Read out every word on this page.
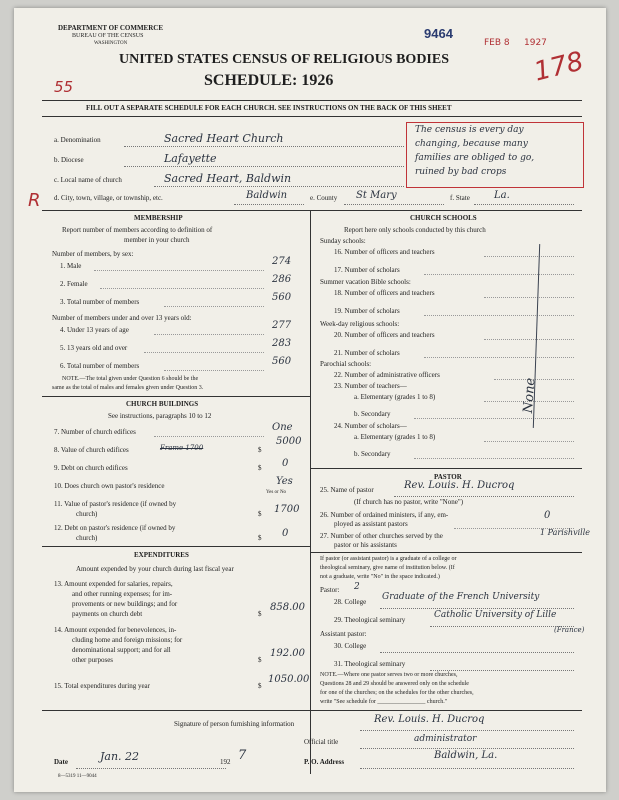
DEPARTMENT OF COMMERCE
BUREAU OF THE CENSUS
WASHINGTON
9464
FEB 8 1927
178
55
R
UNITED STATES CENSUS OF RELIGIOUS BODIES
SCHEDULE: 1926
FILL OUT A SEPARATE SCHEDULE FOR EACH CHURCH. SEE INSTRUCTIONS ON THE BACK OF THIS SHEET
a. Denomination	Sacred Heart Church
b. Diocese	Lafayette
c. Local name of church	Sacred Heart, Baldwin
d. City, town, village, or township, etc.	Baldwin	e. County St Mary	f. State La.
The census is every day
changing, because many
families are obliged to go,
ruined by bad crops
MEMBERSHIP
Report number of members according to definition of
member in your church
Number of members, by sex:
1. Male	274
2. Female	286
3. Total number of members	560
Number of members under and over 13 years old:
4. Under 13 years of age	277
5. 13 years old and over	283
6. Total number of members	560
NOTE.—The total given under Question 6 should be the
same as the total of males and females given under Question 3.
CHURCH BUILDINGS
See instructions, paragraphs 10 to 12
7. Number of church edifices	One
8. Value of church edifices	Frame 1700	$
5000
9. Debt on church edifices	$ 0
10. Does church own pastor's residence	Yes
Yes or No
11. Value of pastor's residence (if owned by
church)	$ 1700
12. Debt on pastor's residence (if owned by
church)	$ 0
EXPENDITURES
Amount expended by your church during last fiscal year
13. Amount expended for salaries, repairs,
and other running expenses; for im-
provements or new buildings; and for
payments on church debt	$
858.00
14. Amount expended for benevolences, in-
cluding home and foreign missions; for
denominational support; and for all
other purposes	$
192.00
15. Total expenditures during year	$
1050.00
CHURCH SCHOOLS
Report here only schools conducted by this church
Sunday schools:
16. Number of officers and teachers
17. Number of scholars
Summer vacation Bible schools:
18. Number of officers and teachers
19. Number of scholars
Week-day religious schools:
20. Number of officers and teachers
21. Number of scholars
Parochial schools:
22. Number of administrative officers
23. Number of teachers—
a. Elementary (grades 1 to 8)
b. Secondary
24. Number of scholars—
a. Elementary (grades 1 to 8)
b. Secondary
None
PASTOR
25. Name of pastor	Rev. Louis. H. Ducroq
(If church has no pastor, write "None")
26. Number of ordained ministers, if any, em-
ployed as assistant pastors
0
27. Number of other churches served by the
pastor or his assistants
1 Parishville
If pastor (or assistant pastor) is a graduate of a college or
theological seminary, give name of institution below. (If
not a graduate, write "No" in the space indicated.)
Pastor: 2
28. College Graduate of the French University
29. Theological seminary	Catholic University of Lille
(France)
Assistant pastor:
30. College
31. Theological seminary
NOTE.—Where one pastor serves two or more churches,
Questions 28 and 29 should be answered only on the schedule
for one of the churches; on the schedules for the other churches,
write "See schedule for ________________ church."
Signature of person furnishing information	Rev. Louis. H. Ducroq
Official title	administrator
Date	Jan. 22	192 7	P. O. Address
Baldwin, La.
8—5319 11—9044
